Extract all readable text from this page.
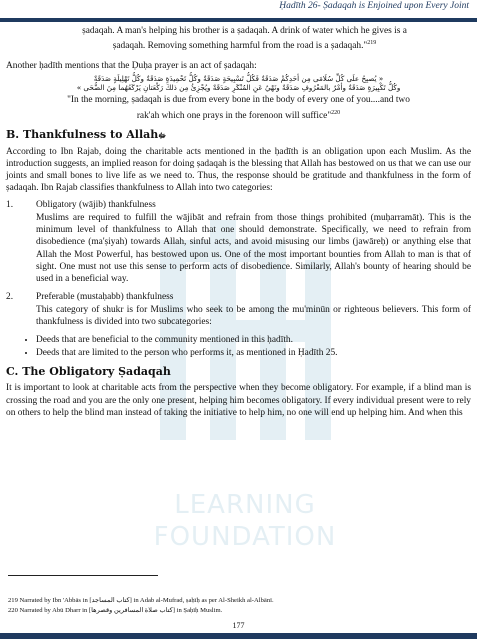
Ḥadīth 26- Ṣadaqah is Enjoined upon Every Joint
LEARNING
FOUNDATION

ṣadaqah. A man's helping his brother is a ṣadaqah. A drink of water which he gives is a
ṣadaqah. Removing something harmful from the road is a ṣadaqah."$^{219}$

Another ḥadīth mentions that the Ḍuḥa prayer is an act of ṣadaqah:

« يُصبِحُ علَى كُلِّ سُلَامَى مِن أحَدِكُمْ صَدَقَةٌ فَكُلُّ تَسْبِيحَةٍ صَدَقَةٌ وكُلُّ تَحْمِيدَةٍ صَدَقَةٌ وكُلُّ تَهْلِيلَةٍ صَدَقَةٌ
وكُلُّ تَكْبِيرَةٍ صَدَقَةٌ وأمْرٌ بالمَعْرُوفِ صَدَقَةٌ ونَهْيٌ عَنِ المُنْكَرِ صَدَقَةٌ ويُجْزِئُ مِن ذلكَ رَكْعَتانِ يَرْكَعُهُما مِنَ الضُّحَى »

"In the morning, ṣadaqah is due from every bone in the body of every one of you....and two
rak'ah which one prays in the forenoon will suffice"$^{220}$

B. Thankfulness to Allahﷻ

According to Ibn Rajab, doing the charitable acts mentioned in the ḥadīth is an obligation upon each Muslim. As the introduction suggests, an implied reason for doing ṣadaqah is the blessing that Allah has bestowed on us that we can use our joints and small bones to live life as we need to. Thus, the response should be gratitude and thankfulness in the form of ṣadaqah. Ibn Rajab classifies thankfulness to Allah into two categories:

1.	Obligatory (wājib) thankfulness
Muslims are required to fulfill the wājibāt and refrain from those things prohibited (muḥarramāt). This is the minimum level of thankfulness to Allah that one should demonstrate. Specifically, we need to refrain from disobedience (ma'ṣiyah) towards Allah, sinful acts, and avoid misusing our limbs (jawāreḥ) or anything else that Allah the Most Powerful, has bestowed upon us. One of the most important bounties from Allah to man is that of sight. One must not use this sense to perform acts of disobedience. Similarly, Allah's bounty of hearing should be used in a beneficial way.
2.	Preferable (mustaḥabb) thankfulness
This category of shukr is for Muslims who seek to be among the mu'minūn or righteous believers. This form of thankfulness is divided into two subcategories:
• Deeds that are beneficial to the community mentioned in this ḥadīth.
• Deeds that are limited to the person who performs it, as mentioned in Ḥadīth 25.
C. The Obligatory Ṣadaqah

It is important to look at charitable acts from the perspective when they become obligatory. For example, if a blind man is crossing the road and you are the only one present, helping him becomes obligatory. If every individual present were to rely on others to help the blind man instead of taking the initiative to help him, no one will end up helping him. And when this

219 Narrated by Ibn 'Abbās in [كتاب المساجد] in Adab al-Mufrad, ṣaḥīḥ as per Al-Sheikh al-Albānī.
220 Narrated by Abū Dharr in [كتاب صلاة المسافرين وقصرها] in Ṣaḥīḥ Muslim.
177
